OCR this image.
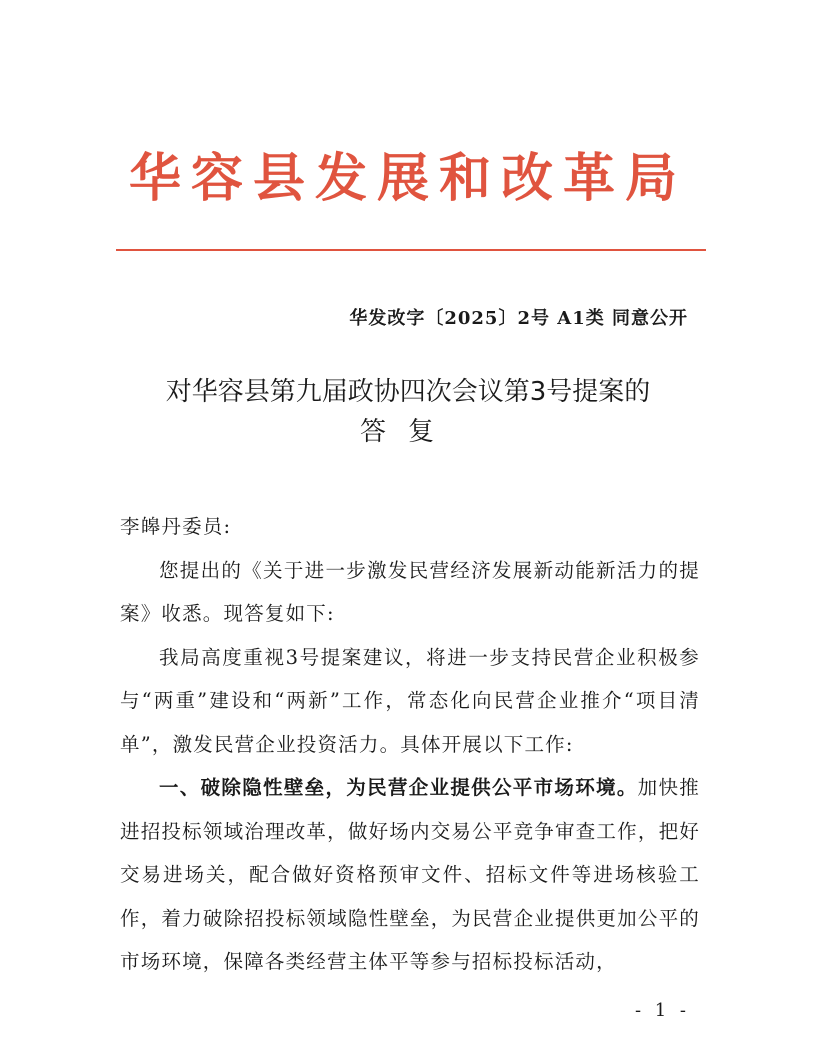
华容县发展和改革局
华发改字〔2025〕2号 A1类 同意公开
对华容县第九届政协四次会议第3号提案的
答复

李皞丹委员:

您提出的《关于进一步激发民营经济发展新动能新活力的提案》收悉。现答复如下:

我局高度重视3号提案建议，将进一步支持民营企业积极参与“两重”建设和“两新”工作，常态化向民营企业推介“项目清单”，激发民营企业投资活力。具体开展以下工作:

一、破除隐性壁垒，为民营企业提供公平市场环境。加快推进招投标领域治理改革，做好场内交易公平竞争审查工作，把好交易进场关，配合做好资格预审文件、招标文件等进场核验工作，着力破除招投标领域隐性壁垒，为民营企业提供更加公平的市场环境，保障各类经营主体平等参与招标投标活动，

- 1 -
